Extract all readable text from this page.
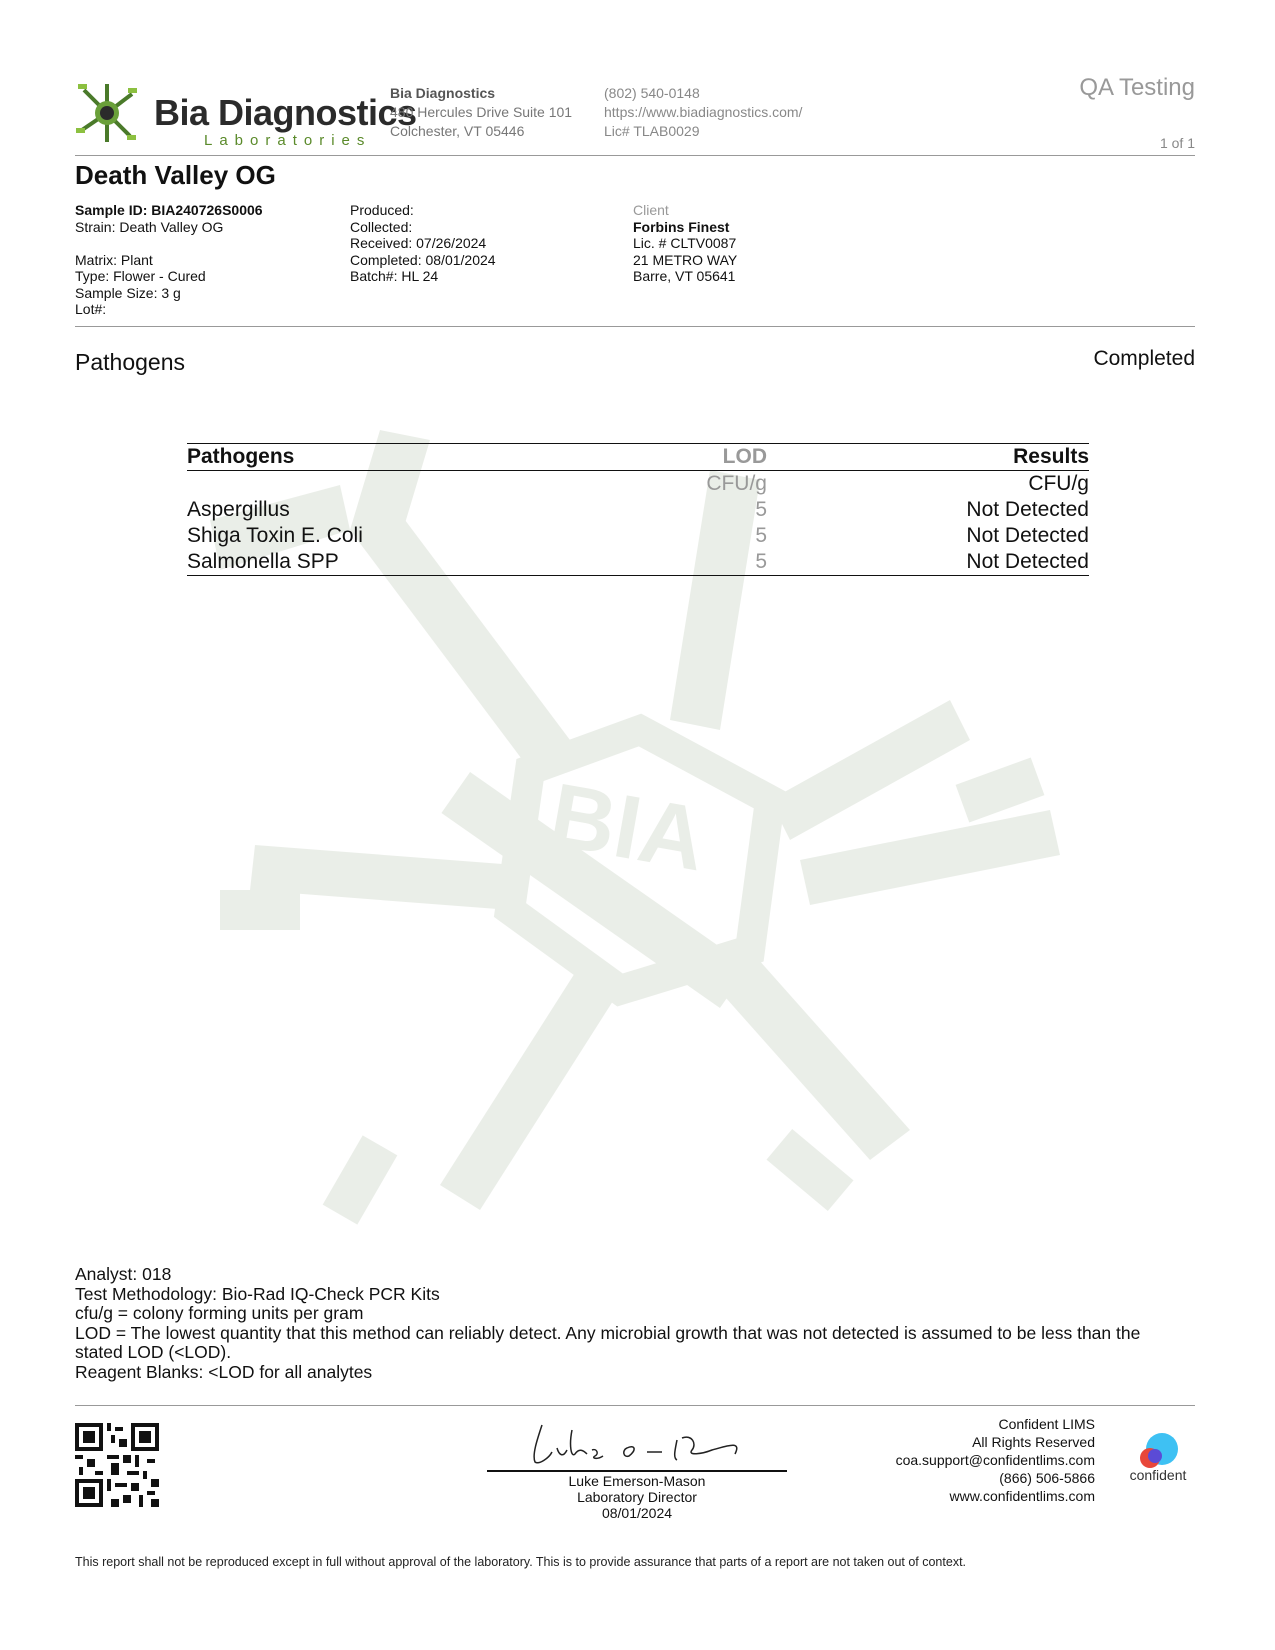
BIA
Bia Diagnostics
Laboratories
Bia Diagnostics
480 Hercules Drive Suite 101
Colchester, VT 05446
(802) 540-0148
https://www.biadiagnostics.com/
Lic# TLAB0029
QA Testing
1 of 1
Death Valley OG
Sample ID: BIA240726S0006
Strain: Death Valley OG
Matrix: Plant
Type: Flower - Cured
Sample Size: 3 g
Lot#:
Produced:
Collected:
Received: 07/26/2024
Completed: 08/01/2024
Batch#: HL 24
Client
Forbins Finest
Lic. # CLTV0087
21 METRO WAY
Barre, VT 05641
Pathogens	Completed
Pathogens	LOD	Results
	CFU/g	CFU/g
Aspergillus	5	Not Detected
Shiga Toxin E. Coli	5	Not Detected
Salmonella SPP	5	Not Detected
Analyst: 018
Test Methodology: Bio-Rad IQ-Check PCR Kits
cfu/g = colony forming units per gram
LOD = The lowest quantity that this method can reliably detect. Any microbial growth that was not detected is assumed to be less than the
stated LOD (<LOD).
Reagent Blanks: <LOD for all analytes
Luke Emerson-Mason
Laboratory Director
08/01/2024
Confident LIMS
All Rights Reserved
coa.support@confidentlims.com
(866) 506-5866
www.confidentlims.com
confident
This report shall not be reproduced except in full without approval of the laboratory. This is to provide assurance that parts of a report are not taken out of context.
